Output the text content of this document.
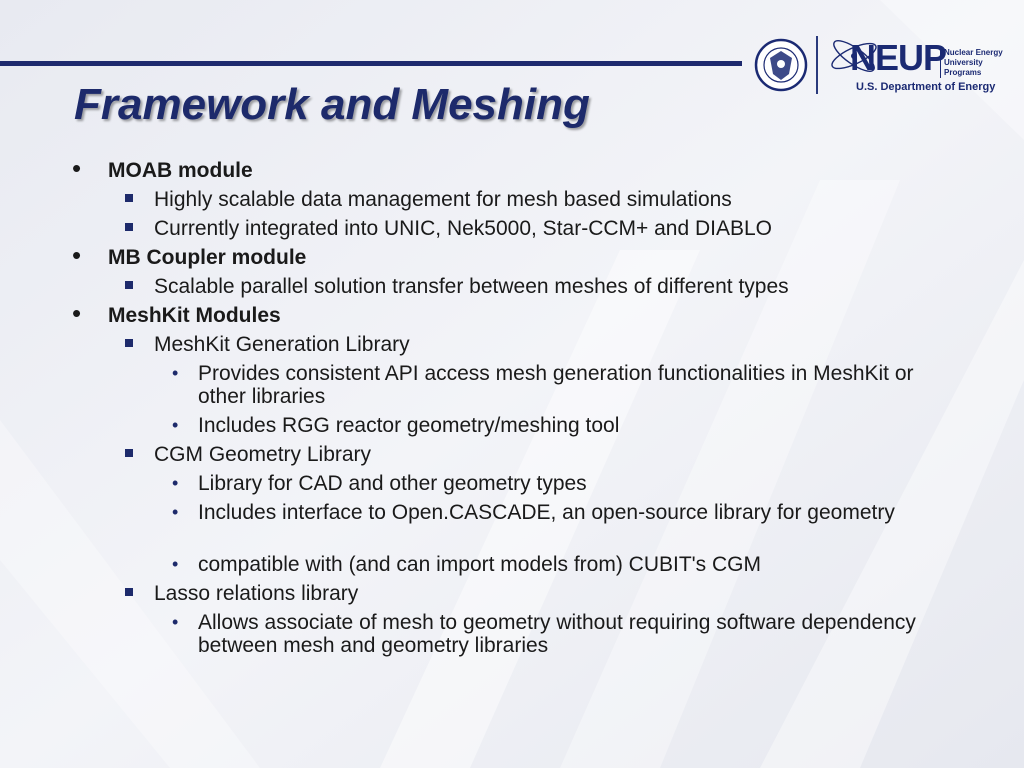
NEUP
Nuclear Energy
University Programs
U.S. Department of Energy
Framework and Meshing
• MOAB module
Highly scalable data management for mesh based simulations
Currently integrated into UNIC, Nek5000, Star-CCM+ and DIABLO
• MB Coupler module
Scalable parallel solution transfer between meshes of different types
• MeshKit Modules
MeshKit Generation Library
• Provides consistent API access mesh generation functionalities in MeshKit or other libraries
• Includes RGG reactor geometry/meshing tool
CGM Geometry Library
• Library for CAD and other geometry types
• Includes interface to Open.CASCADE, an open-source library for geometry
• compatible with (and can import models from) CUBIT's CGM
Lasso relations library
• Allows associate of mesh to geometry without requiring software dependency between mesh and geometry libraries
